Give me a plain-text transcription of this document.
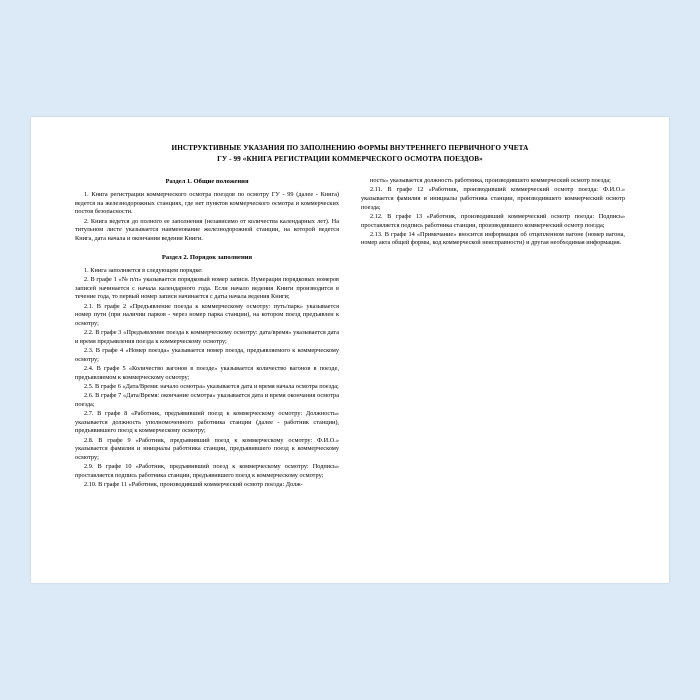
ИНСТРУКТИВНЫЕ УКАЗАНИЯ ПО ЗАПОЛНЕНИЮ ФОРМЫ ВНУТРЕННЕГО ПЕРВИЧНОГО УЧЕТА
ГУ - 99 «КНИГА РЕГИСТРАЦИИ КОММЕРЧЕСКОГО ОСМОТРА ПОЕЗДОВ»

Раздел 1. Общие положения

1. Книга регистрации коммерческого осмотра поездов по осмотру ГУ - 99 (далее - Книга) ведется на железнодорожных станциях, где нет пунктов коммерческого осмотра и коммерческих постов безопасности.

2. Книга ведется до полного ее заполнения (независимо от количества календарных лет). На титульном листе указывается наименование железнодорожной станции, на которой ведется Книга, дата начала и окончания ведения Книги.

Раздел 2. Порядок заполнения

1. Книга заполняется в следующем порядке:

2. В графе 1 «№ п/п» указывается порядковый номер записи. Нумерация порядковых номеров записей начинается с начала календарного года. Если начало ведения Книги производится в течение года, то первый номер записи начинается с даты начала ведения Книги;

2.1. В графе 2 «Предъявление поезда к коммерческому осмотру: путь/парк» указывается номер пути (при наличии парков - через номер парка станции), на котором поезд предъявлен к осмотру;

2.2. В графе 3 «Предъявление поезда к коммерческому осмотру: дата/время» указывается дата и время предъявления поезда к коммерческому осмотру;

2.3. В графе 4 «Номер поезда» указывается номер поезда, предъявляемого к коммерческому осмотру;

2.4. В графе 5 «Количество вагонов в поезде» указывается количество вагонов в поезде, предъявляемом к коммерческому осмотру;

2.5. В графе 6 «Дата/Время: начало осмотра» указывается дата и время начала осмотра поезда;

2.6. В графе 7 «Дата/Время: окончание осмотра» указывается дата и время окончания осмотра поезда;

2.7. В графе 8 «Работник, предъявивший поезд к коммерческому осмотру: Должность» указывается должность уполномоченного работника станции (далее - работник станции), предъявившего поезд к коммерческому осмотру;

2.8. В графе 9 «Работник, предъявивший поезд к коммерческому осмотру: Ф.И.О.» указывается фамилия и инициалы работника станции, предъявившего поезд к коммерческому осмотру;

2.9. В графе 10 «Работник, предъявивший поезд к коммерческому осмотру: Подпись» проставляется подпись работника станции, предъявившего поезд к коммерческому осмотру;

2.10. В графе 11 «Работник, производивший коммерческий осмотр поезда: Долж-

ность» указывается должность работника, производившего коммерческий осмотр поезда;

2.11. В графе 12 «Работник, производивший коммерческий осмотр поезда: Ф.И.О.» указывается фамилия и инициалы работника станции, производившего коммерческий осмотр поезда;

2.12. В графе 13 «Работник, производивший коммерческий осмотр поезда: Подпись» проставляется подпись работника станции, производившего коммерческий осмотр поезда;

2.13. В графе 14 «Примечание» вносится информация об отцепленном вагоне (номер вагона, номер акта общей формы, код коммерческой неисправности) и другая необходимая информация.
